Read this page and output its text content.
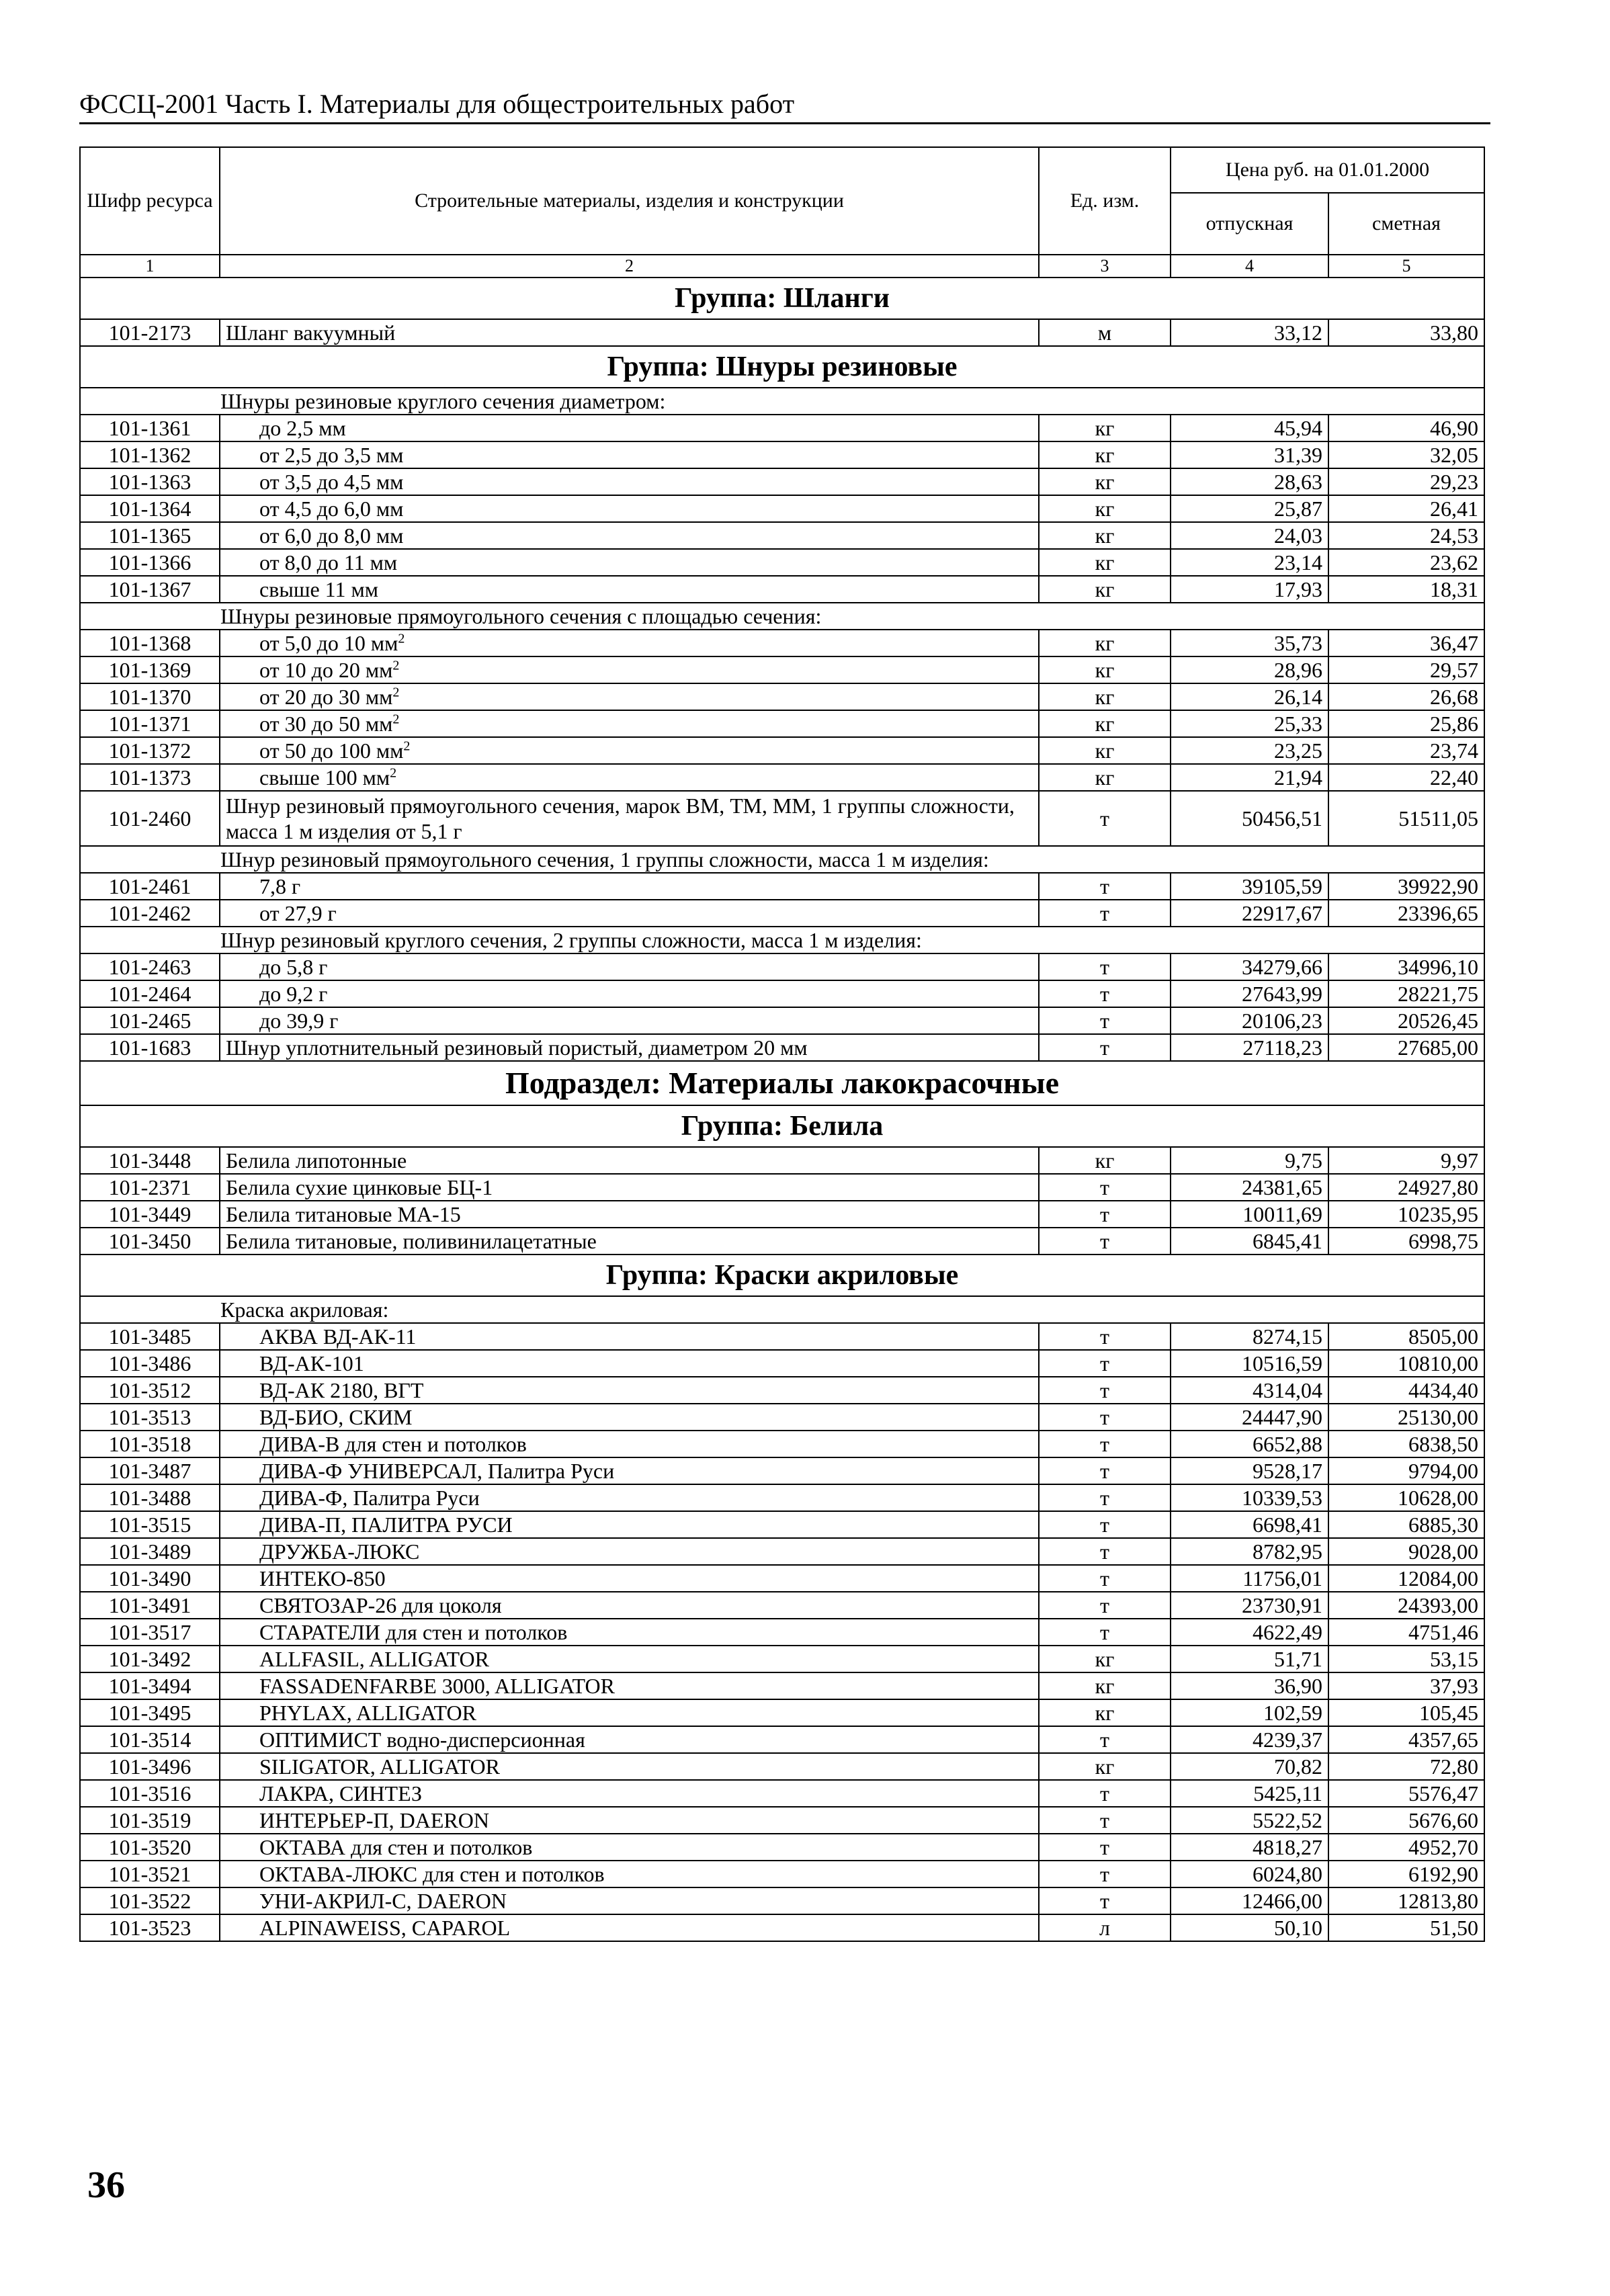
ФССЦ-2001 Часть I. Материалы для общестроительных работ
Шифр ресурса	Строительные материалы, изделия и конструкции	Ед. изм.	Цена руб. на 01.01.2000	
			отпускная	сметная
1	2	3	4	5
Группа: Шланги				
101-2173	Шланг вакуумный	м	33,12	33,80
Группа: Шнуры резиновые				
Шнуры резиновые круглого сечения диаметром:				
101-1361	до 2,5 мм	кг	45,94	46,90
101-1362	от 2,5 до 3,5 мм	кг	31,39	32,05
101-1363	от 3,5 до 4,5 мм	кг	28,63	29,23
101-1364	от 4,5 до 6,0 мм	кг	25,87	26,41
101-1365	от 6,0 до 8,0 мм	кг	24,03	24,53
101-1366	от 8,0 до 11 мм	кг	23,14	23,62
101-1367	свыше 11 мм	кг	17,93	18,31
Шнуры резиновые прямоугольного сечения с площадью сечения:				
101-1368	от 5,0 до 10 $мм^2$	кг	35,73	36,47
101-1369	от 10 до 20 $мм^2$	кг	28,96	29,57
101-1370	от 20 до 30 $мм^2$	кг	26,14	26,68
101-1371	от 30 до 50 $мм^2$	кг	25,33	25,86
101-1372	от 50 до 100 $мм^2$	кг	23,25	23,74
101-1373	свыше 100 $мм^2$	кг	21,94	22,40
101-2460	Шнур резиновый прямоугольного сечения, марок ВМ, ТМ, ММ, 1 группы сложности, масса 1 м изделия от 5,1 г	т	50456,51	51511,05
Шнур резиновый прямоугольного сечения, 1 группы сложности, масса 1 м изделия:				
101-2461	7,8 г	т	39105,59	39922,90
101-2462	от 27,9 г	т	22917,67	23396,65
Шнур резиновый круглого сечения, 2 группы сложности, масса 1 м изделия:				
101-2463	до 5,8 г	т	34279,66	34996,10
101-2464	до 9,2 г	т	27643,99	28221,75
101-2465	до 39,9 г	т	20106,23	20526,45
101-1683	Шнур уплотнительный резиновый пористый, диаметром 20 мм	т	27118,23	27685,00
Подраздел: Материалы лакокрасочные				
Группа: Белила				
101-3448	Белила липотонные	кг	9,75	9,97
101-2371	Белила сухие цинковые БЦ-1	т	24381,65	24927,80
101-3449	Белила титановые МА-15	т	10011,69	10235,95
101-3450	Белила титановые, поливинилацетатные	т	6845,41	6998,75
Группа: Краски акриловые				
Краска акриловая:				
101-3485	АКВА ВД-АК-11	т	8274,15	8505,00
101-3486	ВД-АК-101	т	10516,59	10810,00
101-3512	ВД-АК 2180, ВГТ	т	4314,04	4434,40
101-3513	ВД-БИО, СКИМ	т	24447,90	25130,00
101-3518	ДИВА-В для стен и потолков	т	6652,88	6838,50
101-3487	ДИВА-Ф УНИВЕРСАЛ, Палитра Руси	т	9528,17	9794,00
101-3488	ДИВА-Ф, Палитра Руси	т	10339,53	10628,00
101-3515	ДИВА-П, ПАЛИТРА РУСИ	т	6698,41	6885,30
101-3489	ДРУЖБА-ЛЮКС	т	8782,95	9028,00
101-3490	ИНТЕКО-850	т	11756,01	12084,00
101-3491	СВЯТОЗАР-26 для цоколя	т	23730,91	24393,00
101-3517	СТАРАТЕЛИ для стен и потолков	т	4622,49	4751,46
101-3492	ALLFASIL, ALLIGATOR	кг	51,71	53,15
101-3494	FASSADENFARBE 3000, ALLIGATOR	кг	36,90	37,93
101-3495	PHYLAX, ALLIGATOR	кг	102,59	105,45
101-3514	ОПТИМИСТ водно-дисперсионная	т	4239,37	4357,65
101-3496	SILIGATOR, ALLIGATOR	кг	70,82	72,80
101-3516	ЛАКРА, СИНТЕЗ	т	5425,11	5576,47
101-3519	ИНТЕРЬЕР-П, DAERON	т	5522,52	5676,60
101-3520	ОКТАВА для стен и потолков	т	4818,27	4952,70
101-3521	ОКТАВА-ЛЮКС для стен и потолков	т	6024,80	6192,90
101-3522	УНИ-АКРИЛ-С, DAERON	т	12466,00	12813,80
101-3523	ALPINAWEISS, CAPAROL	л	50,10	51,50
36
